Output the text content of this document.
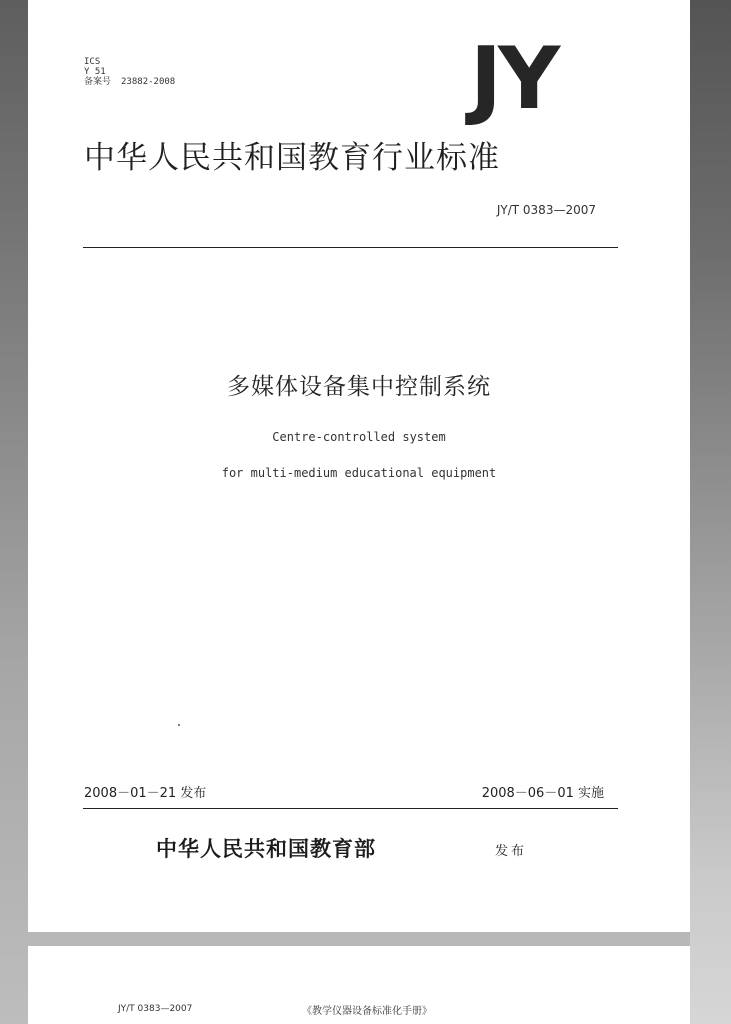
ICS
Y 51
备案号 23882-2008	JY
中华人民共和国教育行业标准
JY/T 0383—2007
多媒体设备集中控制系统
Centre-controlled system
for multi-medium educational equipment
2008－01－21 发布	2008－06－01 实施
中华人民共和国教育部	发布
JY/T 0383—2007	《教学仪器设备标准化手册》
